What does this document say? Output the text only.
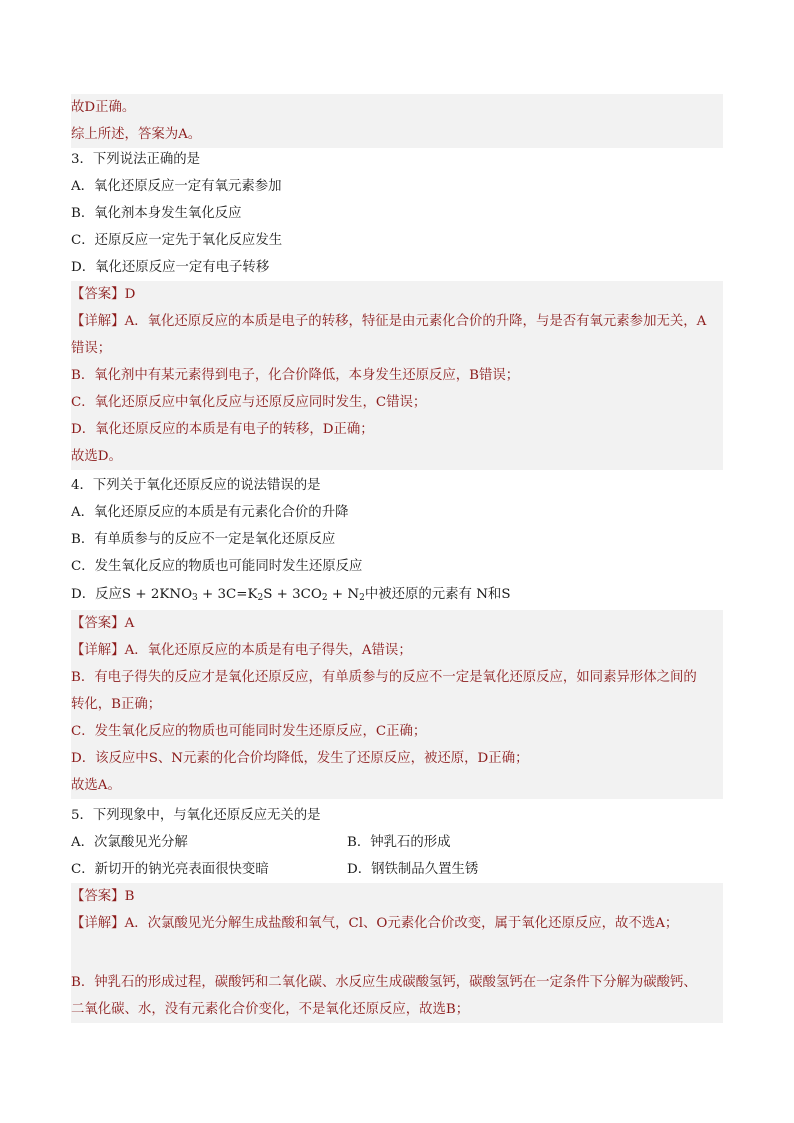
故D正确。
综上所述，答案为A。
3．下列说法正确的是
A．氧化还原反应一定有氧元素参加
B．氧化剂本身发生氧化反应
C．还原反应一定先于氧化反应发生
D．氧化还原反应一定有电子转移
【答案】D
【详解】A．氧化还原反应的本质是电子的转移，特征是由元素化合价的升降，与是否有氧元素参加无关，A
错误；
B．氧化剂中有某元素得到电子，化合价降低，本身发生还原反应，B错误；
C．氧化还原反应中氧化反应与还原反应同时发生，C错误；
D．氧化还原反应的本质是有电子的转移，D正确；
故选D。
4．下列关于氧化还原反应的说法错误的是
A．氧化还原反应的本质是有元素化合价的升降
B．有单质参与的反应不一定是氧化还原反应
C．发生氧化反应的物质也可能同时发生还原反应
D．反应$S + 2KNO_3 + 3C=K_2S + 3CO_2 + N_2$中被还原的元素有 N和S
【答案】A
【详解】A．氧化还原反应的本质是有电子得失，A错误；
B．有电子得失的反应才是氧化还原反应，有单质参与的反应不一定是氧化还原反应，如同素异形体之间的
转化，B正确；
C．发生氧化反应的物质也可能同时发生还原反应，C正确；
D．该反应中S、N元素的化合价均降低，发生了还原反应，被还原，D正确；
故选A。
5．下列现象中，与氧化还原反应无关的是
A．次氯酸见光分解	B．钟乳石的形成
C．新切开的钠光亮表面很快变暗	D．钢铁制品久置生锈
【答案】B
【详解】A．次氯酸见光分解生成盐酸和氧气，Cl、O元素化合价改变，属于氧化还原反应，故不选A；
B．钟乳石的形成过程，碳酸钙和二氧化碳、水反应生成碳酸氢钙，碳酸氢钙在一定条件下分解为碳酸钙、
二氧化碳、水，没有元素化合价变化，不是氧化还原反应，故选B；
